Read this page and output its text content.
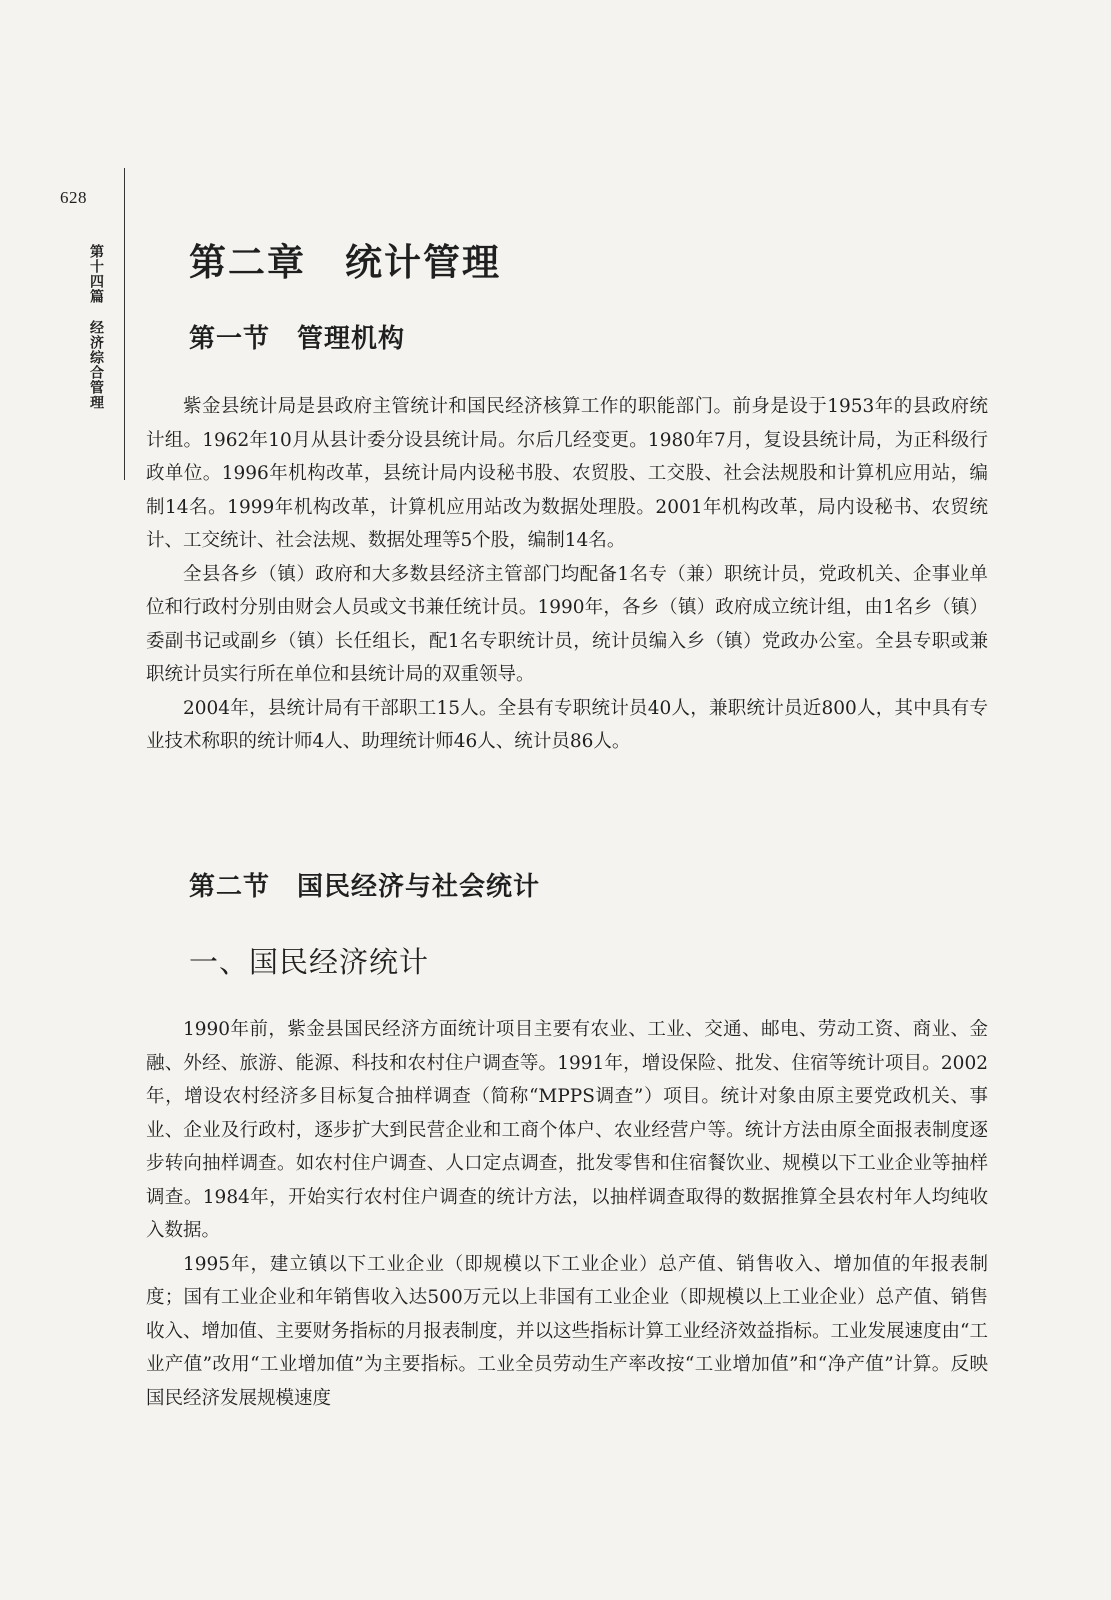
628
第十四篇经济综合管理
第二章　统计管理
第一节　管理机构

紫金县统计局是县政府主管统计和国民经济核算工作的职能部门。前身是设于1953年的县政府统计组。1962年10月从县计委分设县统计局。尔后几经变更。1980年7月，复设县统计局，为正科级行政单位。1996年机构改革，县统计局内设秘书股、农贸股、工交股、社会法规股和计算机应用站，编制14名。1999年机构改革，计算机应用站改为数据处理股。2001年机构改革，局内设秘书、农贸统计、工交统计、社会法规、数据处理等5个股，编制14名。

全县各乡（镇）政府和大多数县经济主管部门均配备1名专（兼）职统计员，党政机关、企事业单位和行政村分别由财会人员或文书兼任统计员。1990年，各乡（镇）政府成立统计组，由1名乡（镇）委副书记或副乡（镇）长任组长，配1名专职统计员，统计员编入乡（镇）党政办公室。全县专职或兼职统计员实行所在单位和县统计局的双重领导。

2004年，县统计局有干部职工15人。全县有专职统计员40人，兼职统计员近800人，其中具有专业技术称职的统计师4人、助理统计师46人、统计员86人。

第二节　国民经济与社会统计
一、国民经济统计

1990年前，紫金县国民经济方面统计项目主要有农业、工业、交通、邮电、劳动工资、商业、金融、外经、旅游、能源、科技和农村住户调查等。1991年，增设保险、批发、住宿等统计项目。2002年，增设农村经济多目标复合抽样调查（简称“MPPS调查”）项目。统计对象由原主要党政机关、事业、企业及行政村，逐步扩大到民营企业和工商个体户、农业经营户等。统计方法由原全面报表制度逐步转向抽样调查。如农村住户调查、人口定点调查，批发零售和住宿餐饮业、规模以下工业企业等抽样调查。1984年，开始实行农村住户调查的统计方法，以抽样调查取得的数据推算全县农村年人均纯收入数据。

1995年，建立镇以下工业企业（即规模以下工业企业）总产值、销售收入、增加值的年报表制度；国有工业企业和年销售收入达500万元以上非国有工业企业（即规模以上工业企业）总产值、销售收入、增加值、主要财务指标的月报表制度，并以这些指标计算工业经济效益指标。工业发展速度由“工业产值”改用“工业增加值”为主要指标。工业全员劳动生产率改按“工业增加值”和“净产值”计算。反映国民经济发展规模速度
